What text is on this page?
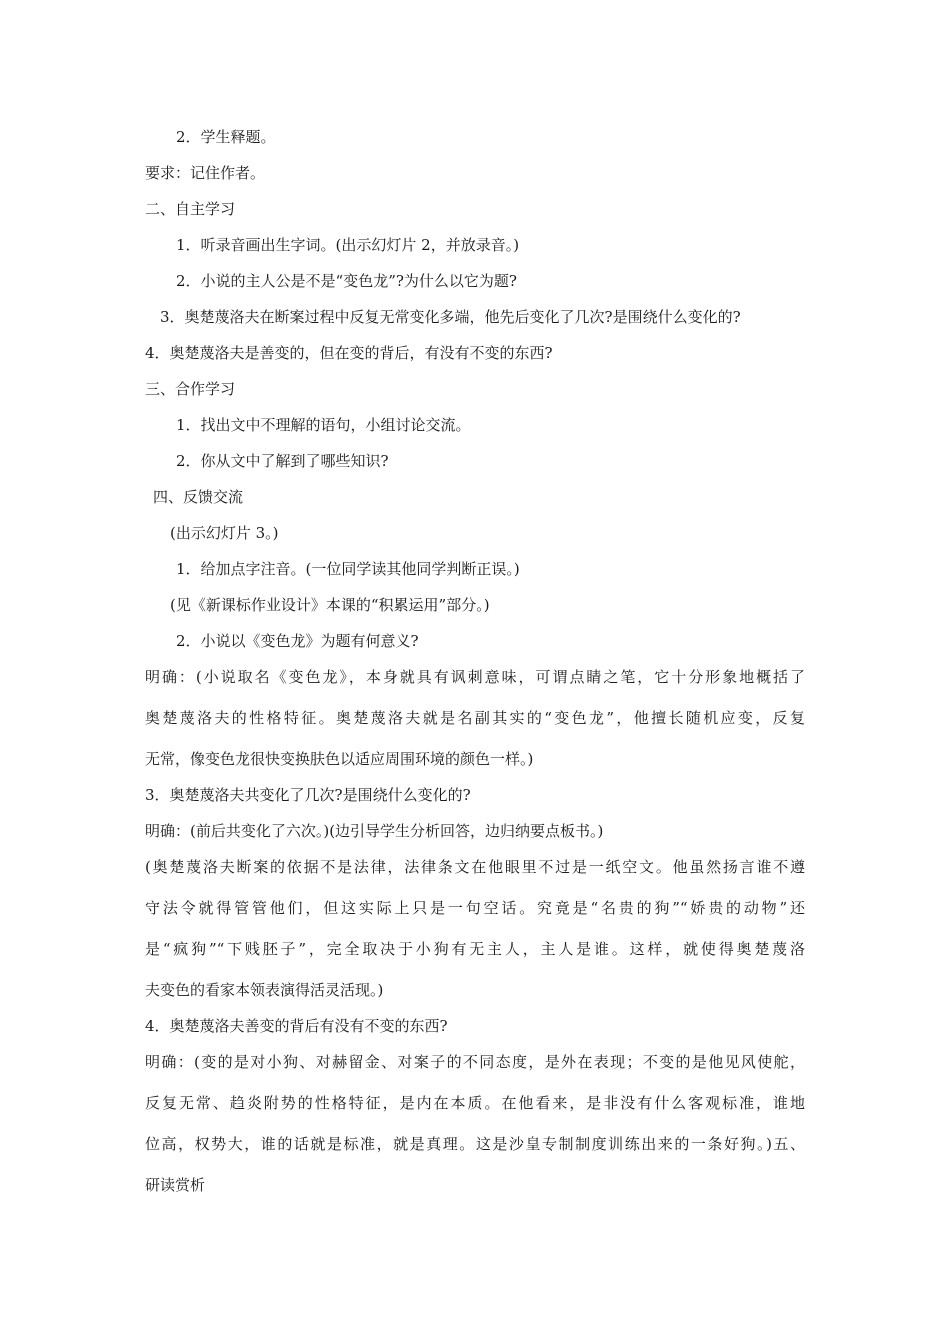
2．学生释题。
要求：记住作者。
二、自主学习
1．听录音画出生字词。(出示幻灯片 2，并放录音。)
2．小说的主人公是不是“变色龙”?为什么以它为题?
3．奥楚蔑洛夫在断案过程中反复无常变化多端，他先后变化了几次?是围绕什么变化的?
4．奥楚蔑洛夫是善变的，但在变的背后，有没有不变的东西?
三、合作学习
1．找出文中不理解的语句，小组讨论交流。
2．你从文中了解到了哪些知识?
四、反馈交流
(出示幻灯片 3。)
1．给加点字注音。(一位同学读其他同学判断正误。)
(见《新课标作业设计》本课的“积累运用”部分。)
2．小说以《变色龙》为题有何意义?
明确：(小说取名《变色龙》，本身就具有讽刺意味，可谓点睛之笔，它十分形象地概括了
奥楚蔑洛夫的性格特征。奥楚蔑洛夫就是名副其实的“变色龙”，他擅长随机应变，反复
无常，像变色龙很快变换肤色以适应周围环境的颜色一样。)
3．奥楚蔑洛夫共变化了几次?是围绕什么变化的?
明确：(前后共变化了六次。)(边引导学生分析回答，边归纳要点板书。)
(奥楚蔑洛夫断案的依据不是法律，法律条文在他眼里不过是一纸空文。他虽然扬言谁不遵
守法令就得管管他们，但这实际上只是一句空话。究竟是“名贵的狗”“娇贵的动物”还
是“疯狗”“下贱胚子”，完全取决于小狗有无主人，主人是谁。这样，就使得奥楚蔑洛
夫变色的看家本领表演得活灵活现。)
4．奥楚蔑洛夫善变的背后有没有不变的东西?
明确：(变的是对小狗、对赫留金、对案子的不同态度，是外在表现；不变的是他见风使舵，
反复无常、趋炎附势的性格特征，是内在本质。在他看来，是非没有什么客观标准，谁地
位高，权势大，谁的话就是标准，就是真理。这是沙皇专制制度训练出来的一条好狗。)五、
研读赏析
